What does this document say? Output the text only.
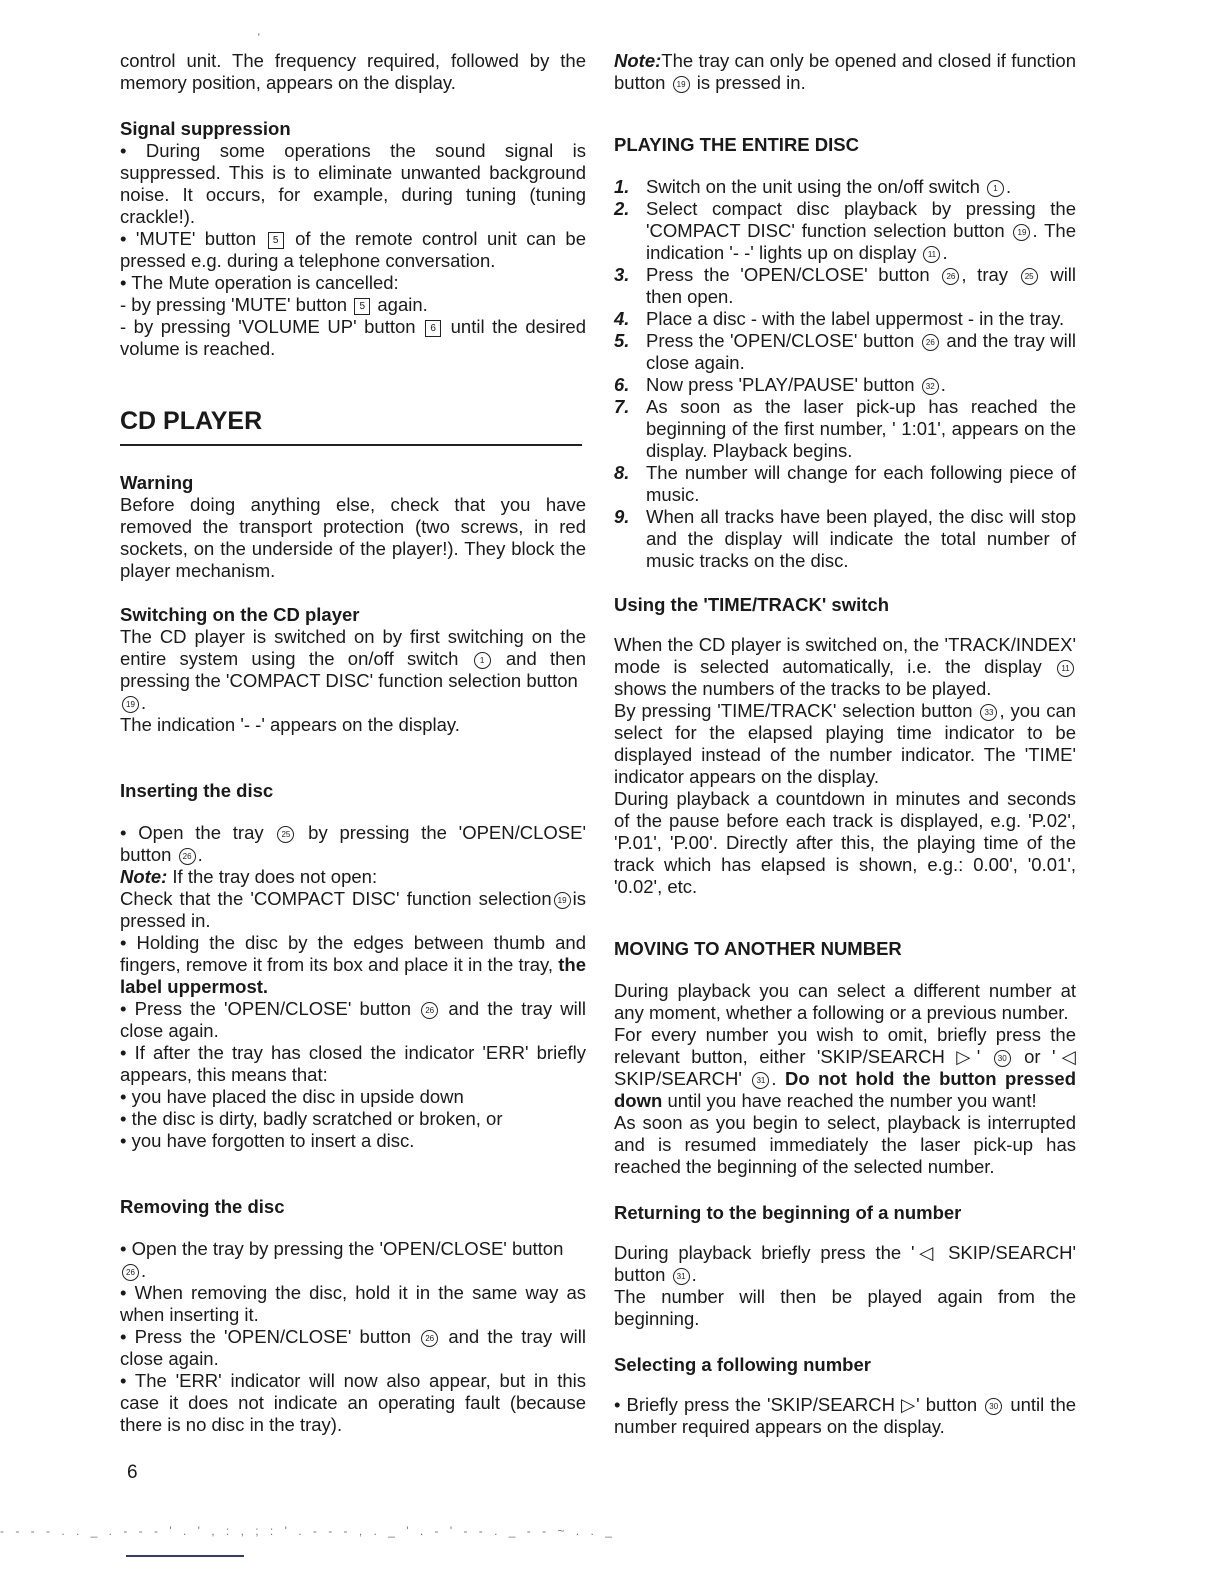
'

control unit. The frequency required, followed by the memory position, appears on the display.

Signal suppression

• During some operations the sound signal is suppressed. This is to eliminate unwanted background noise. It occurs, for example, during tuning (tuning crackle!).

• 'MUTE' button 5 of the remote control unit can be pressed e.g. during a telephone conversation.

• The Mute operation is cancelled:

- by pressing 'MUTE' button 5 again.

- by pressing 'VOLUME UP' button 6 until the desired volume is reached.

CD PLAYER

Warning

Before doing anything else, check that you have removed the transport protection (two screws, in red sockets, on the underside of the player!). They block the player mechanism.

Switching on the CD player

The CD player is switched on by first switching on the entire system using the on/off switch	1 and then pressing the 'COMPACT DISC' function selection button
19 .

The indication '- -' appears on the display.

Inserting the disc

• Open the tray 25 by pressing the 'OPEN/CLOSE' button 26 .

Note: If the tray does not open:

Check that the 'COMPACT DISC' function selection 19 is pressed in.

• Holding the disc by the edges between thumb and fingers, remove it from its box and place it in the tray, the label uppermost.

• Press the 'OPEN/CLOSE' button 26 and the tray will close again.

• If after the tray has closed the indicator 'ERR' briefly appears, this means that:

• you have placed the disc in upside down

• the disc is dirty, badly scratched or broken, or

• you have forgotten to insert a disc.

Removing the disc

• Open the tray by pressing the 'OPEN/CLOSE' button
26 .

• When removing the disc, hold it in the same way as when inserting it.

• Press the 'OPEN/CLOSE' button 26 and the tray will close again.

• The 'ERR' indicator will now also appear, but in this case it does not indicate an operating fault (because there is no disc in the tray).

Note:The tray can only be opened and closed if function button 19 is pressed in.

PLAYING THE ENTIRE DISC

1. Switch on the unit using the on/off switch 1 .
2. Select compact disc playback by pressing the 'COMPACT DISC' function selection button 19 . The indication '- -' lights up on display 11 .
3. Press the 'OPEN/CLOSE' button 26 , tray 25 will then open.
4. Place a disc - with the label uppermost - in the tray.
5. Press the 'OPEN/CLOSE' button 26 and the tray will close again.
6. Now press 'PLAY/PAUSE' button 32 .
7. As soon as the laser pick-up has reached the beginning of the first number, ' 1:01', appears on the display. Playback begins.
8. The number will change for each following piece of music.
9. When all tracks have been played, the disc will stop and the display will indicate the total number of music tracks on the disc.

Using the 'TIME/TRACK' switch

When the CD player is switched on, the 'TRACK/INDEX' mode is selected automatically, i.e. the display 11 shows the numbers of the tracks to be played.

By pressing 'TIME/TRACK' selection button 33 , you can select for the elapsed playing time indicator to be displayed instead of the number indicator. The 'TIME' indicator appears on the display.

During playback a countdown in minutes and seconds of the pause before each track is displayed, e.g. 'P.02', 'P.01', 'P.00'. Directly after this, the playing time of the track which has elapsed is shown, e.g.: 0.00', '0.01', '0.02', etc.

MOVING TO ANOTHER NUMBER

During playback you can select a different number at any moment, whether a following or a previous number.

For every number you wish to omit, briefly press the relevant button, either 'SKIP/SEARCH ▷' 30 or '◁ SKIP/SEARCH' 31 . Do not hold the button pressed down until you have reached the number you want!

As soon as you begin to select, playback is interrupted and is resumed immediately the laser pick-up has reached the beginning of the selected number.

Returning to the beginning of a number

During playback briefly press the '◁ SKIP/SEARCH' button 31 .

The number will then be played again from the beginning.

Selecting a following number

• Briefly press the 'SKIP/SEARCH ▷' button 30 until the number required appears on the display.

6
- - - - . . _ . - - - ' . ' , : , ; : ' . - - - , . _ ' . - ' - - . _ - - ~ . . _
